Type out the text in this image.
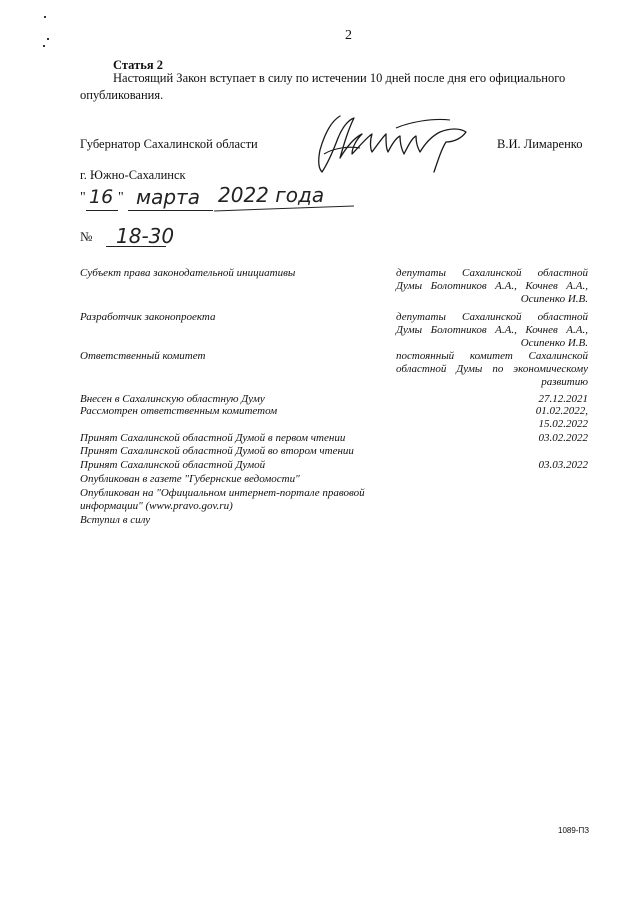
2
Статья 2
Настоящий Закон вступает в силу по истечении 10 дней после дня его официального
опубликования.
Губернатор Сахалинской области	В.И. Лимаренко
г. Южно-Сахалинск
" 16 " марта 2022 года
№ 18-30
Субъект права законодательной инициативы	депутаты Сахалинской областной
Думы Болотников А.А., Кочнев А.А.,
Осипенко И.В.
Разработчик законопроекта	депутаты Сахалинской областной
Думы Болотников А.А., Кочнев А.А.,
Осипенко И.В.
Ответственный комитет	постоянный комитет Сахалинской
областной Думы по экономическому
развитию
Внесен в Сахалинскую областную Думу	27.12.2021
Рассмотрен ответственным комитетом	01.02.2022,
15.02.2022
Принят Сахалинской областной Думой в первом чтении	03.02.2022
Принят Сахалинской областной Думой во втором чтении
Принят Сахалинской областной Думой	03.03.2022
Опубликован в газете "Губернские ведомости"
Опубликован на "Официальном интернет-портале правовой
информации" (www.pravo.gov.ru)
Вступил в силу
1089-ПЗ
